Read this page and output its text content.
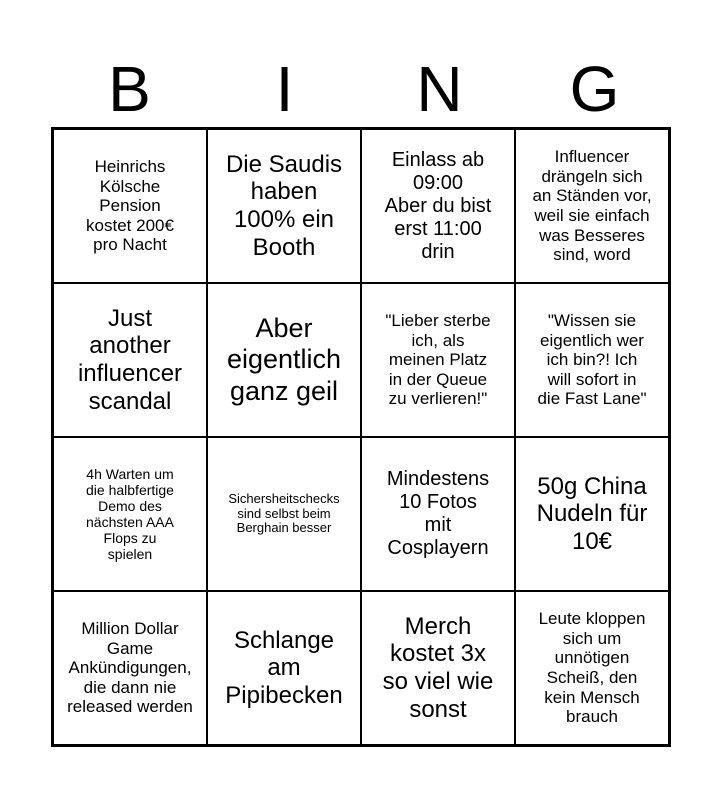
B	I	N	G
Heinrichs
Kölsche
Pension
kostet 200€
pro Nacht
Die Saudis
haben
100% ein
Booth
Einlass ab
09:00
Aber du bist
erst 11:00
drin
Influencer
drängeln sich
an Ständen vor,
weil sie einfach
was Besseres
sind, word
Just
another
influencer
scandal
Aber
eigentlich
ganz geil
"Lieber sterbe
ich, als
meinen Platz
in der Queue
zu verlieren!"
"Wissen sie
eigentlich wer
ich bin?! Ich
will sofort in
die Fast Lane"
4h Warten um
die halbfertige
Demo des
nächsten AAA
Flops zu
spielen
Sichersheitschecks
sind selbst beim
Berghain besser
Mindestens
10 Fotos
mit
Cosplayern
50g China
Nudeln für
10€
Million Dollar
Game
Ankündigungen,
die dann nie
released werden
Schlange
am
Pipibecken
Merch
kostet 3x
so viel wie
sonst
Leute kloppen
sich um
unnötigen
Scheiß, den
kein Mensch
brauch
